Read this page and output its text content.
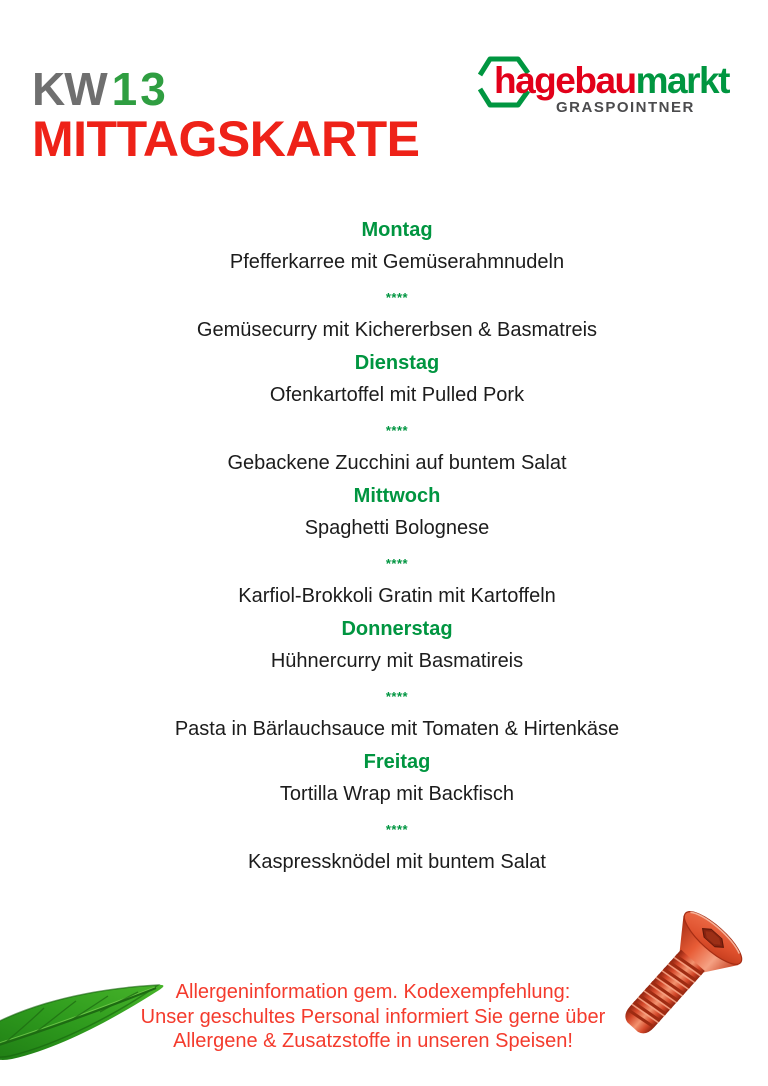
KW 13
MITTAGSKARTE
hagebaumarkt
GRASPOINTNER
Montag
Pfefferkarree mit Gemüserahmnudeln
****
Gemüsecurry mit Kichererbsen & Basmatreis
Dienstag
Ofenkartoffel mit Pulled Pork
****
Gebackene Zucchini auf buntem Salat
Mittwoch
Spaghetti Bolognese
****
Karfiol-Brokkoli Gratin mit Kartoffeln
Donnerstag
Hühnercurry mit Basmatireis
****
Pasta in Bärlauchsauce mit Tomaten & Hirtenkäse
Freitag
Tortilla Wrap mit Backfisch
****
Kaspressknödel mit buntem Salat
Allergeninformation gem. Kodexempfehlung:
Unser geschultes Personal informiert Sie gerne über
Allergene & Zusatzstoffe in unseren Speisen!
